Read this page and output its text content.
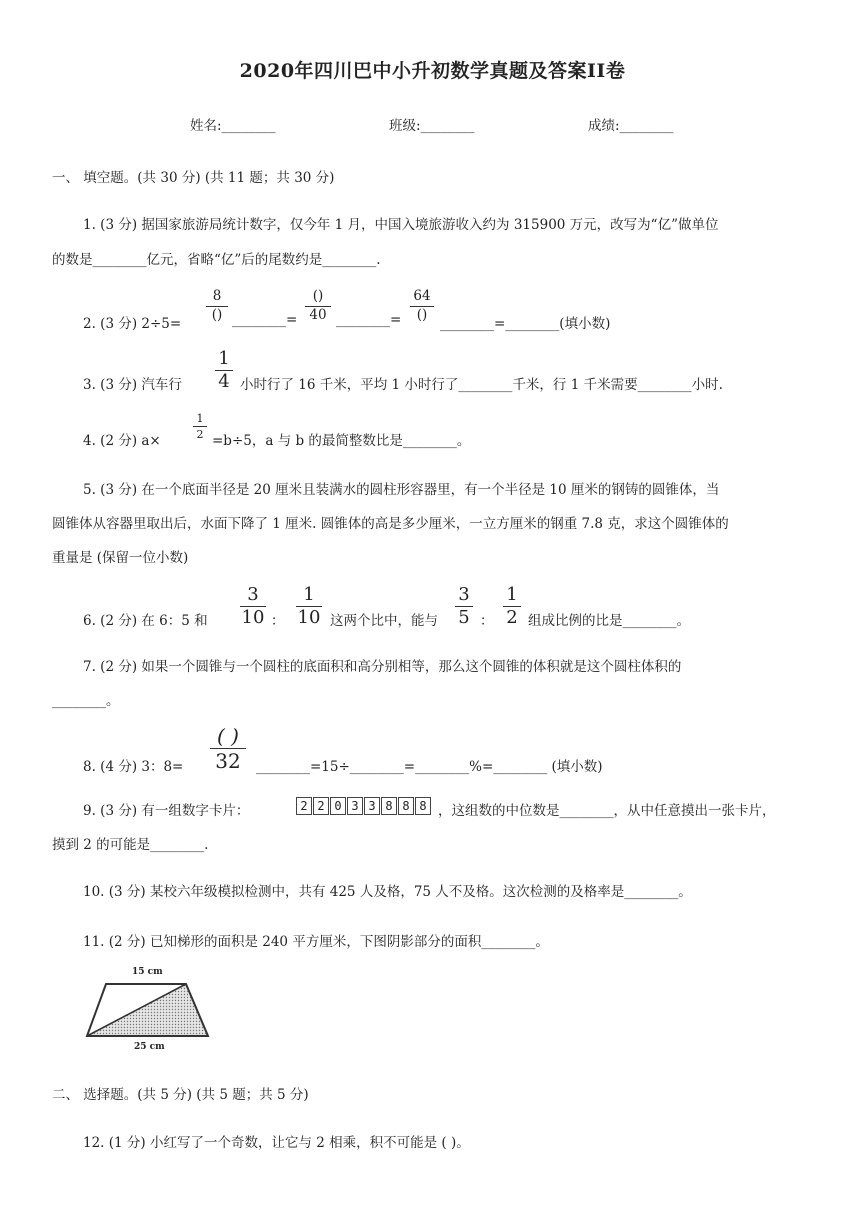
2020年四川巴中小升初数学真题及答案II卷
姓名:________	班级:________	成绩:________
一、 填空题。(共 30 分) (共 11 题；共 30 分)
1. (3 分) 据国家旅游局统计数字，仅今年 1 月，中国入境旅游收入约为 315900 万元，改写为“亿”做单位
的数是________亿元，省略“亿”后的尾数约是________.
2. (3 分) 2÷5=
8
() ________=
()
40 ________=
64
()
________=________(填小数)
3. (3 分) 汽车行
1
4 小时行了 16 千米，平均 1 小时行了________千米，行 1 千米需要________小时.
4. (2 分) a×
1
2 =b÷5，a 与 b 的最简整数比是________。
5. (3 分) 在一个底面半径是 20 厘米且装满水的圆柱形容器里，有一个半径是 10 厘米的钢铸的圆锥体，当
圆锥体从容器里取出后，水面下降了 1 厘米. 圆锥体的高是多少厘米，一立方厘米的钢重 7.8 克，求这个圆锥体的
重量是 (保留一位小数)
6. (2 分) 在 6：5 和
3
10 ：
1
10 这两个比中，能与
3
5 ：
1
2 组成比例的比是________。
7. (2 分) 如果一个圆锥与一个圆柱的底面积和高分别相等，那么这个圆锥的体积就是这个圆柱体积的
________。
8. (4 分) 3：8=
( )
32	________=15÷________=________%=________ (填小数)
9. (3 分) 有一组数字卡片：	2 2 0 3 3 8 8 8 ，这组数的中位数是________，从中任意摸出一张卡片，
摸到 2 的可能是________.
10. (3 分) 某校六年级模拟检测中，共有 425 人及格，75 人不及格。这次检测的及格率是________。
11. (2 分) 已知梯形的面积是 240 平方厘米，下图阴影部分的面积________。
15 cm
25 cm
二、 选择题。(共 5 分) (共 5 题；共 5 分)
12. (1 分) 小红写了一个奇数，让它与 2 相乘，积不可能是 ( )。
